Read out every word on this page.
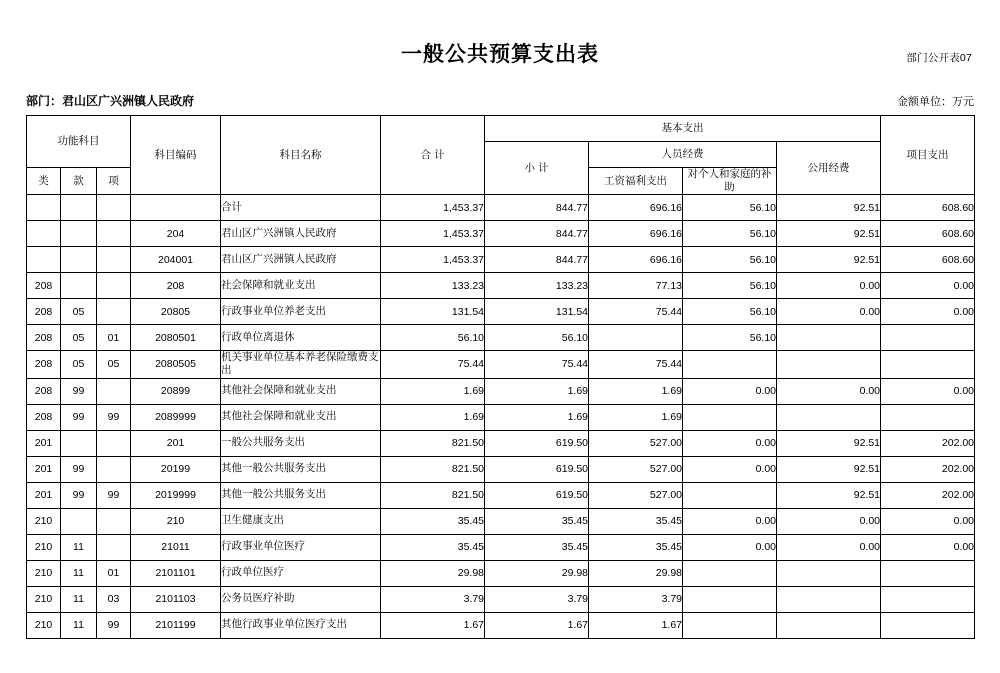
部门公开表07
一般公共预算支出表
部门：君山区广兴洲镇人民政府	金额单位：万元
功能科目			科目编码	科目名称	合 计	基本支出				项目支出
						小 计	人员经费		公用经费	
类	款	项					工资福利支出	对个人和家庭的补助		
				合计	1,453.37	844.77	696.16	56.10	92.51	608.60
			204	君山区广兴洲镇人民政府	1,453.37	844.77	696.16	56.10	92.51	608.60
			204001	君山区广兴洲镇人民政府	1,453.37	844.77	696.16	56.10	92.51	608.60
208			208	社会保障和就业支出	133.23	133.23	77.13	56.10	0.00	0.00
208	05		20805	行政事业单位养老支出	131.54	131.54	75.44	56.10	0.00	0.00
208	05	01	2080501	行政单位离退休	56.10	56.10		56.10		
208	05	05	2080505	机关事业单位基本养老保险缴费支出	75.44	75.44	75.44			
208	99		20899	其他社会保障和就业支出	1.69	1.69	1.69	0.00	0.00	0.00
208	99	99	2089999	其他社会保障和就业支出	1.69	1.69	1.69			
201			201	一般公共服务支出	821.50	619.50	527.00	0.00	92.51	202.00
201	99		20199	其他一般公共服务支出	821.50	619.50	527.00	0.00	92.51	202.00
201	99	99	2019999	其他一般公共服务支出	821.50	619.50	527.00		92.51	202.00
210			210	卫生健康支出	35.45	35.45	35.45	0.00	0.00	0.00
210	11		21011	行政事业单位医疗	35.45	35.45	35.45	0.00	0.00	0.00
210	11	01	2101101	行政单位医疗	29.98	29.98	29.98			
210	11	03	2101103	公务员医疗补助	3.79	3.79	3.79			
210	11	99	2101199	其他行政事业单位医疗支出	1.67	1.67	1.67			
